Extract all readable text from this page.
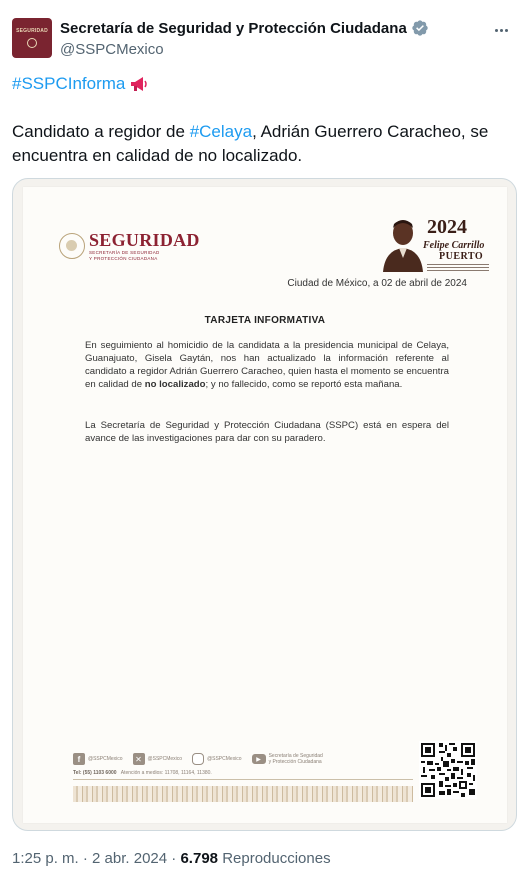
SEGURIDAD Secretaría de Seguridad y Protección Ciudadana
@SSPCMexico
#SSPCInforma
Candidato a regidor de #Celaya, Adrián Guerrero Caracheo, se encuentra en calidad de no localizado.
SEGURIDAD
SECRETARÍA DE SEGURIDAD
Y PROTECCIÓN CIUDADANA
2024
Felipe Carrillo
PUERTO
Ciudad de México, a 02 de abril de 2024
TARJETA INFORMATIVA

En seguimiento al homicidio de la candidata a la presidencia municipal de Celaya, Guanajuato, Gisela Gaytán, nos han actualizado la información referente al candidato a regidor Adrián Guerrero Caracheo, quien hasta el momento se encuentra en calidad de no localizado; y no fallecido, como se reportó esta mañana.

La Secretaría de Seguridad y Protección Ciudadana (SSPC) está en espera del avance de las investigaciones para dar con su paradero.

f	@SSPCMexico	✕	@SSPCMexico	@SSPCMexico	▶
Secretaría de Seguridad
y Protección Ciudadana
Tel: (55) 1103 6000 Atención a medios: 11708, 11164, 11380.
1:25 p. m. · 2 abr. 2024 · 6.798 Reproducciones
